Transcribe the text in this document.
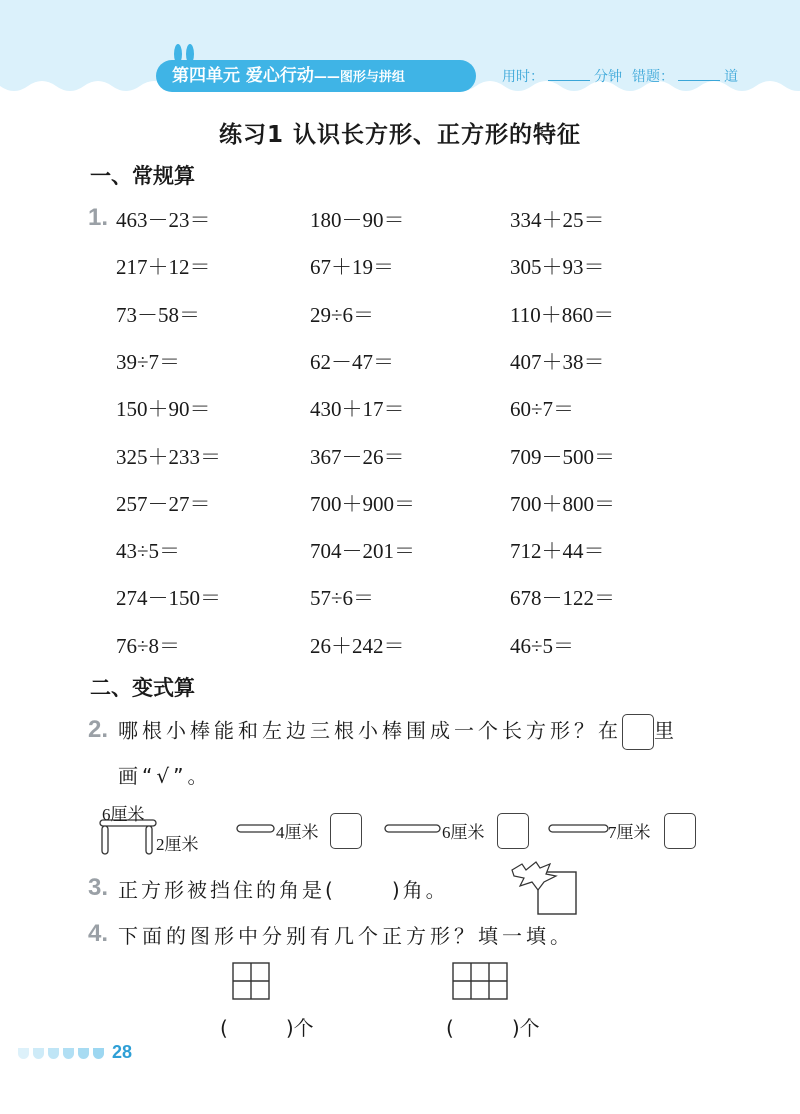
第四单元 爱心行动——图形与拼组	用时：	分钟 错题：	道
练习1 认识长方形、正方形的特征
一、常规算
1. 463－23＝	180－90＝	334＋25＝
217＋12＝	67＋19＝	305＋93＝
73－58＝	29÷6＝	110＋860＝
39÷7＝	62－47＝	407＋38＝
150＋90＝	430＋17＝	60÷7＝
325＋233＝	367－26＝	709－500＝
257－27＝	700＋900＝	700＋800＝
43÷5＝	704－201＝	712＋44＝
274－150＝	57÷6＝	678－122＝
76÷8＝	26＋242＝	46÷5＝
二、变式算
2. 哪根小棒能和左边三根小棒围成一个长方形？在 里
画“√”。
6厘米
2厘米
4厘米	6厘米	7厘米
3. 正方形被挡住的角是(	)角。
4. 下面的图形中分别有几个正方形？填一填。
(	)个	(	)个
28
